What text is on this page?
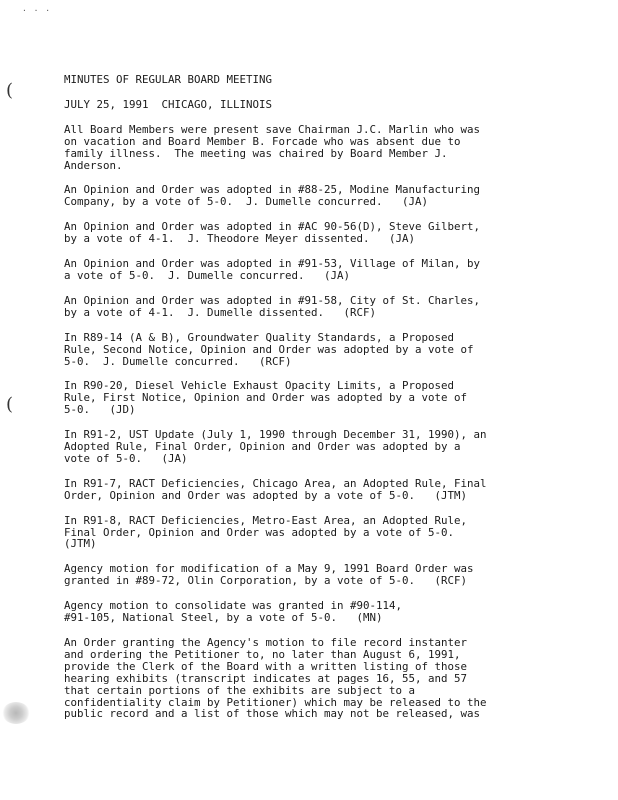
· · ·
(
(

MINUTES OF REGULAR BOARD MEETING

JULY 25, 1991  CHICAGO, ILLINOIS

All Board Members were present save Chairman J.C. Marlin who was
on vacation and Board Member B. Forcade who was absent due to
family illness.  The meeting was chaired by Board Member J.
Anderson.

An Opinion and Order was adopted in #88-25, Modine Manufacturing
Company, by a vote of 5-0.  J. Dumelle concurred.   (JA)

An Opinion and Order was adopted in #AC 90-56(D), Steve Gilbert,
by a vote of 4-1.  J. Theodore Meyer dissented.   (JA)

An Opinion and Order was adopted in #91-53, Village of Milan, by
a vote of 5-0.  J. Dumelle concurred.   (JA)

An Opinion and Order was adopted in #91-58, City of St. Charles,
by a vote of 4-1.  J. Dumelle dissented.   (RCF)

In R89-14 (A & B), Groundwater Quality Standards, a Proposed
Rule, Second Notice, Opinion and Order was adopted by a vote of
5-0.  J. Dumelle concurred.   (RCF)

In R90-20, Diesel Vehicle Exhaust Opacity Limits, a Proposed
Rule, First Notice, Opinion and Order was adopted by a vote of
5-0.   (JD)

In R91-2, UST Update (July 1, 1990 through December 31, 1990), an
Adopted Rule, Final Order, Opinion and Order was adopted by a
vote of 5-0.   (JA)

In R91-7, RACT Deficiencies, Chicago Area, an Adopted Rule, Final
Order, Opinion and Order was adopted by a vote of 5-0.   (JTM)

In R91-8, RACT Deficiencies, Metro-East Area, an Adopted Rule,
Final Order, Opinion and Order was adopted by a vote of 5-0.
(JTM)

Agency motion for modification of a May 9, 1991 Board Order was
granted in #89-72, Olin Corporation, by a vote of 5-0.   (RCF)

Agency motion to consolidate was granted in #90-114,
#91-105, National Steel, by a vote of 5-0.   (MN)

An Order granting the Agency's motion to file record instanter
and ordering the Petitioner to, no later than August 6, 1991,
provide the Clerk of the Board with a written listing of those
hearing exhibits (transcript indicates at pages 16, 55, and 57
that certain portions of the exhibits are subject to a
confidentiality claim by Petitioner) which may be released to the
public record and a list of those which may not be released, was
